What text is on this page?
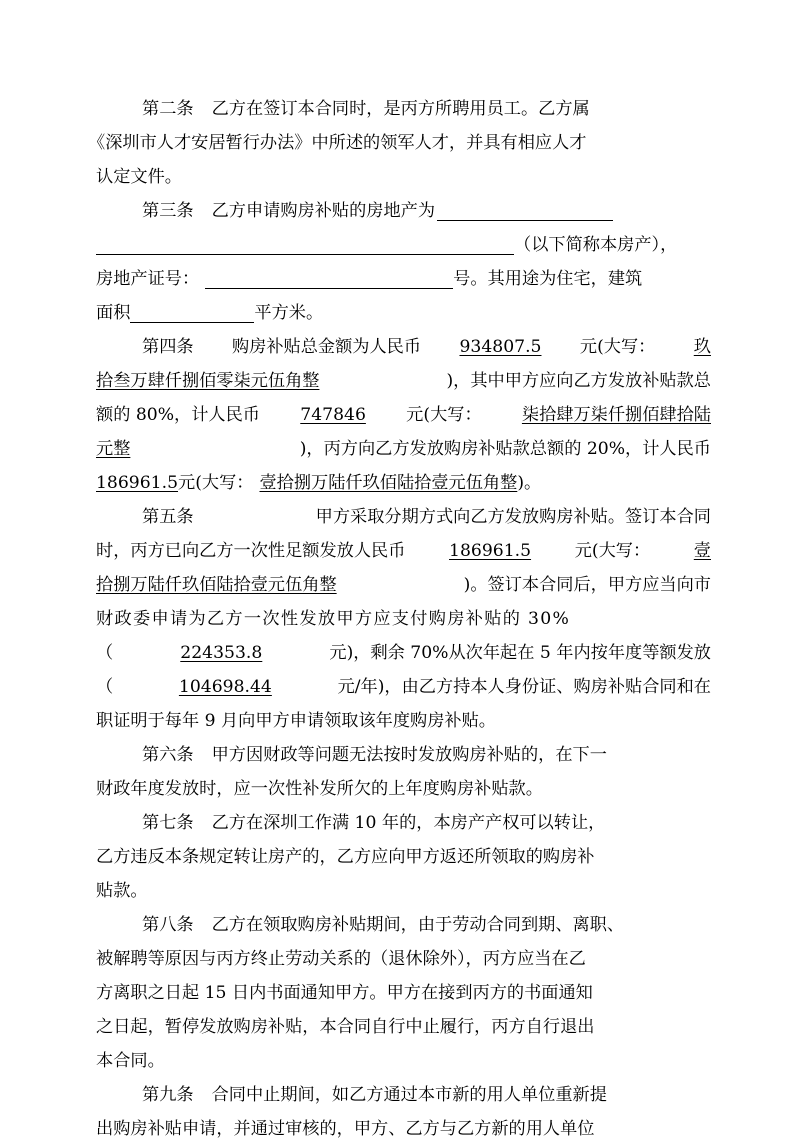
第二条 乙方在签订本合同时，是丙方所聘用员工。乙方属
《深圳市人才安居暂行办法》中所述的领军人才，并具有相应人才
认定文件。
第三条 乙方申请购房补贴的房地产为
（以下简称本房产），
房地产证号：	号。其用途为住宅，建筑
面积	平方米。
第四条 购房补贴总金额为人民币 934807.5 元(大写： 玖
拾叁万肆仟捌佰零柒元伍角整	)，其中甲方应向乙方发放补贴款总
额的 80%，计人民币 747846 元(大写： 柒拾肆万柒仟捌佰肆拾陆
元整	)，丙方向乙方发放购房补贴款总额的 20%，计人民币
186961.5 元(大写： 壹拾捌万陆仟玖佰陆拾壹元伍角整 )。
第五条	甲方采取分期方式向乙方发放购房补贴。签订本合同
时，丙方已向乙方一次性足额发放人民币	186961.5	元(大写：	壹
拾捌万陆仟玖佰陆拾壹元伍角整	)。签订本合同后，甲方应当向市
财政委申请为乙方一次性发放甲方应支付购房补贴的 30%
（	224353.8	元)，剩余 70%从次年起在 5 年内按年度等额发放
（	104698.44	元/年)，由乙方持本人身份证、购房补贴合同和在
职证明于每年 9 月向甲方申请领取该年度购房补贴。
第六条 甲方因财政等问题无法按时发放购房补贴的，在下一
财政年度发放时，应一次性补发所欠的上年度购房补贴款。
第七条 乙方在深圳工作满 10 年的，本房产产权可以转让，
乙方违反本条规定转让房产的，乙方应向甲方返还所领取的购房补
贴款。
第八条 乙方在领取购房补贴期间，由于劳动合同到期、离职、
被解聘等原因与丙方终止劳动关系的（退休除外），丙方应当在乙
方离职之日起 15 日内书面通知甲方。甲方在接到丙方的书面通知
之日起，暂停发放购房补贴，本合同自行中止履行，丙方自行退出
本合同。
第九条 合同中止期间，如乙方通过本市新的用人单位重新提
出购房补贴申请，并通过审核的，甲方、乙方与乙方新的用人单位
